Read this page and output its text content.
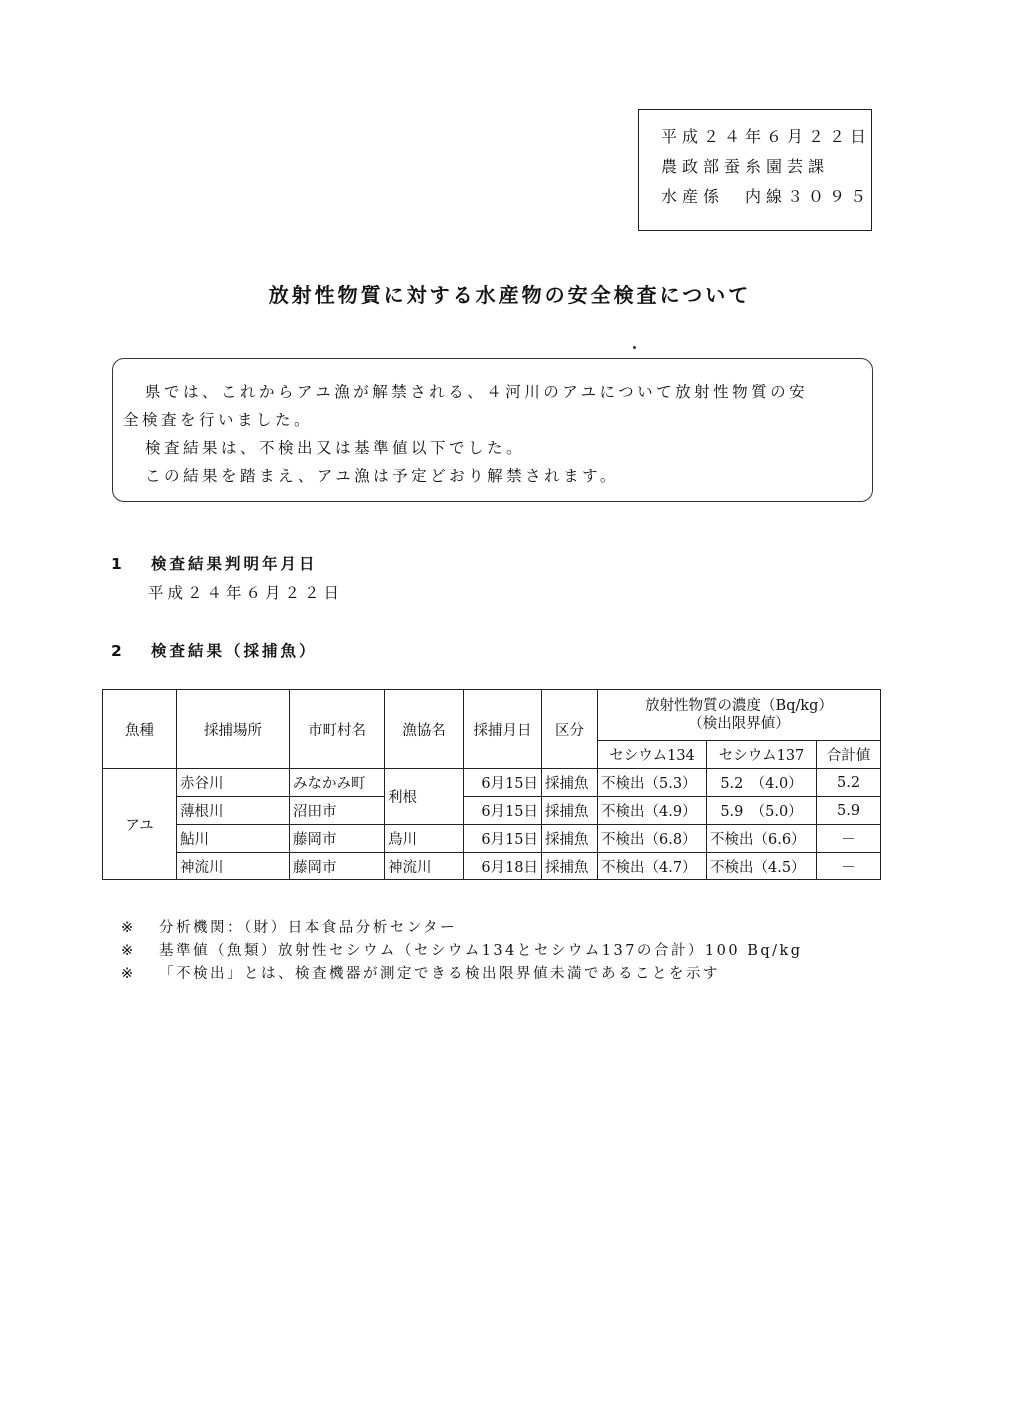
平成２４年６月２２日
農政部蚕糸園芸課
水産係　内線３０９５
放射性物質に対する水産物の安全検査について

県では、これからアユ漁が解禁される、４河川のアユについて放射性物質の安

全検査を行いました。

検査結果は、不検出又は基準値以下でした。

この結果を踏まえ、アユ漁は予定どおり解禁されます。

1 検査結果判明年月日
平成２４年６月２２日
2 検査結果（採捕魚）
魚種	採捕場所	市町村名	漁協名	採捕月日	区分	放射性物質の濃度（Bq/kg）
（検出限界値）		

						セシウム134	セシウム137	合計値
アユ	赤谷川	みなかみ町	利根	6月15日	採捕魚	不検出（5.3）	5.2　（4.0）	5.2
	薄根川	沼田市		6月15日	採捕魚	不検出（4.9）	5.9　（5.0）	5.9
	鮎川	藤岡市	鳥川	6月15日	採捕魚	不検出（6.8）	不検出（6.6）	－
	神流川	藤岡市	神流川	6月18日	採捕魚	不検出（4.7）	不検出（4.5）	－
※ 分析機関：（財）日本食品分析センター
※ 基準値（魚類）放射性セシウム（セシウム134とセシウム137の合計）100 Bq/kg
※ 「不検出」とは、検査機器が測定できる検出限界値未満であることを示す
